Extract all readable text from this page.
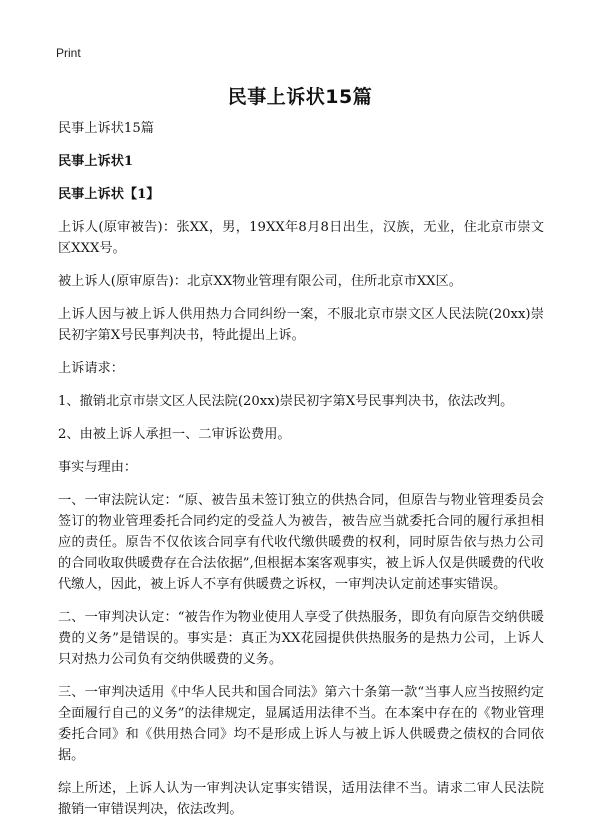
Print
民事上诉状15篇

民事上诉状15篇

民事上诉状1
民事上诉状【1】

上诉人(原审被告)：张XX，男，19XX年8月8日出生，汉族，无业，住北京市崇文区XXX号。

被上诉人(原审原告)：北京XX物业管理有限公司，住所北京市XX区。

上诉人因与被上诉人供用热力合同纠纷一案，不服北京市崇文区人民法院(20xx)崇民初字第X号民事判决书，特此提出上诉。

上诉请求：

1、撤销北京市崇文区人民法院(20xx)崇民初字第X号民事判决书，依法改判。

2、由被上诉人承担一、二审诉讼费用。

事实与理由：

一、一审法院认定：“原、被告虽未签订独立的供热合同，但原告与物业管理委员会签订的物业管理委托合同约定的受益人为被告，被告应当就委托合同的履行承担相应的责任。原告不仅依该合同享有代收代缴供暖费的权利，同时原告依与热力公司的合同收取供暖费存在合法依据”,但根据本案客观事实，被上诉人仅是供暖费的代收代缴人，因此，被上诉人不享有供暖费之诉权，一审判决认定前述事实错误。

二、一审判决认定：“被告作为物业使用人享受了供热服务，即负有向原告交纳供暖费的义务”是错误的。事实是：真正为XX花园提供供热服务的是热力公司，上诉人只对热力公司负有交纳供暖费的义务。

三、一审判决适用《中华人民共和国合同法》第六十条第一款“当事人应当按照约定全面履行自己的义务”的法律规定，显属适用法律不当。在本案中存在的《物业管理委托合同》和《供用热合同》均不是形成上诉人与被上诉人供暖费之债权的合同依据。

综上所述，上诉人认为一审判决认定事实错误，适用法律不当。请求二审人民法院撤销一审错误判决，依法改判。
